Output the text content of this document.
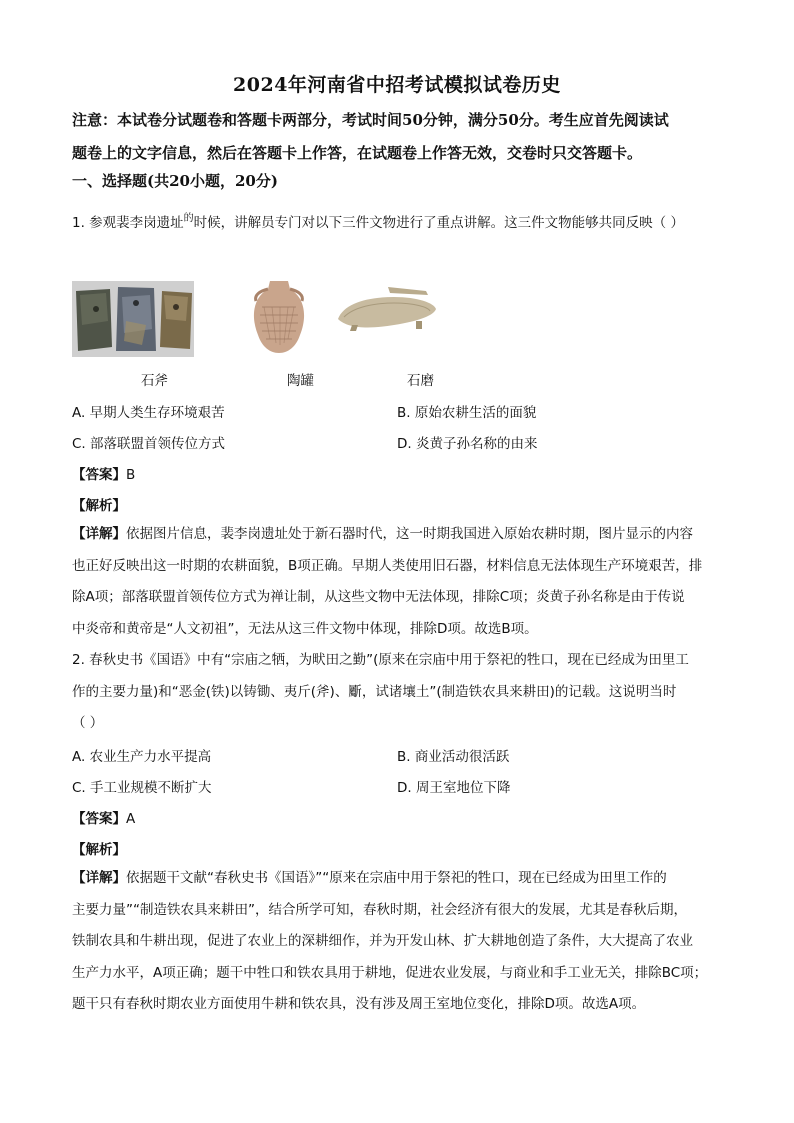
2024年河南省中招考试模拟试卷历史
注意：本试卷分试题卷和答题卡两部分，考试时间50分钟，满分50分。考生应首先阅读试
题卷上的文字信息，然后在答题卡上作答，在试题卷上作答无效，交卷时只交答题卡。
一、选择题(共20小题，20分)
1. 参观裴李岗遗址$^的$时候，讲解员专门对以下三件文物进行了重点讲解。这三件文物能够共同反映（ ）
石斧	陶罐	石磨
A. 早期人类生存环境艰苦	B. 原始农耕生活的面貌
C. 部落联盟首领传位方式	D. 炎黄子孙名称的由来
【答案】B
【解析】
【详解】依据图片信息，裴李岗遗址处于新石器时代，这一时期我国进入原始农耕时期，图片显示的内容
也正好反映出这一时期的农耕面貌，B项正确。早期人类使用旧石器，材料信息无法体现生产环境艰苦，排
除A项；部落联盟首领传位方式为禅让制，从这些文物中无法体现，排除C项；炎黄子孙名称是由于传说
中炎帝和黄帝是“人文初祖”，无法从这三件文物中体现，排除D项。故选B项。
2. 春秋史书《国语》中有“宗庙之牺，为畎田之勤”(原来在宗庙中用于祭祀的牲口，现在已经成为田里工
作的主要力量)和“恶金(铁)以铸锄、夷斤(斧)、斸，试诸壤土”(制造铁农具来耕田)的记载。这说明当时
（ ）
A. 农业生产力水平提高	B. 商业活动很活跃
C. 手工业规模不断扩大	D. 周王室地位下降
【答案】A
【解析】
【详解】依据题干文献“春秋史书《国语》”“原来在宗庙中用于祭祀的牲口，现在已经成为田里工作的
主要力量”“制造铁农具来耕田”，结合所学可知，春秋时期，社会经济有很大的发展，尤其是春秋后期，
铁制农具和牛耕出现，促进了农业上的深耕细作，并为开发山林、扩大耕地创造了条件，大大提高了农业
生产力水平，A项正确；题干中牲口和铁农具用于耕地，促进农业发展，与商业和手工业无关，排除BC项；
题干只有春秋时期农业方面使用牛耕和铁农具，没有涉及周王室地位变化，排除D项。故选A项。
